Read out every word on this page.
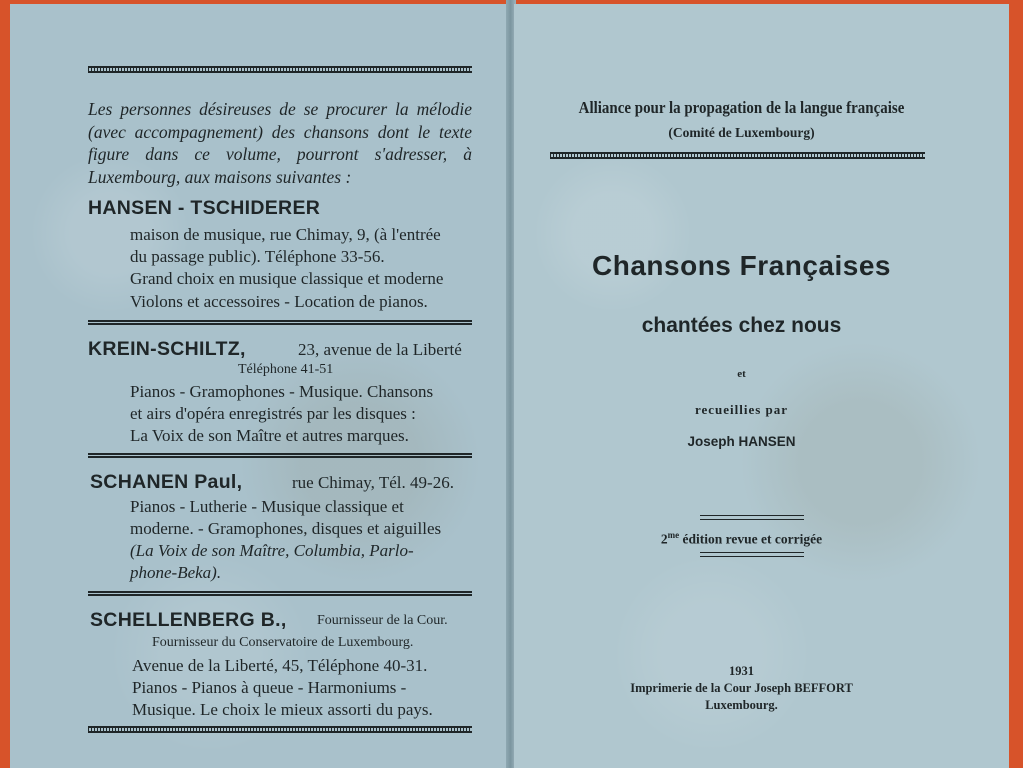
Les personnes désireuses de se procurer la mélodie (avec accompagnement) des chansons dont le texte figure dans ce volume, pourront s'adresser, à Luxembourg, aux maisons suivantes :

HANSEN - TSCHIDERER
maison de musique, rue Chimay, 9, (à l'entrée
du passage public). Téléphone 33-56.
Grand choix en musique classique et moderne
Violons et accessoires - Location de pianos.
KREIN-SCHILTZ,	23, avenue de la Liberté
Téléphone 41-51
Pianos - Gramophones - Musique. Chansons
et airs d'opéra enregistrés par les disques :
La Voix de son Maître et autres marques.
SCHANEN Paul,	rue Chimay, Tél. 49-26.
Pianos - Lutherie - Musique classique et
moderne. - Gramophones, disques et aiguilles
(La Voix de son Maître, Columbia, Parlo-
phone-Beka).
SCHELLENBERG B., Fournisseur de la Cour.
Fournisseur du Conservatoire de Luxembourg.
Avenue de la Liberté, 45, Téléphone 40-31.
Pianos - Pianos à queue - Harmoniums -
Musique. Le choix le mieux assorti du pays.
Alliance pour la propagation de la langue française
(Comité de Luxembourg)
Chansons Françaises
chantées chez nous
et
recueillies par
Joseph HANSEN
$2^{me}$ édition revue et corrigée
1931
Imprimerie de la Cour Joseph BEFFORT
Luxembourg.
